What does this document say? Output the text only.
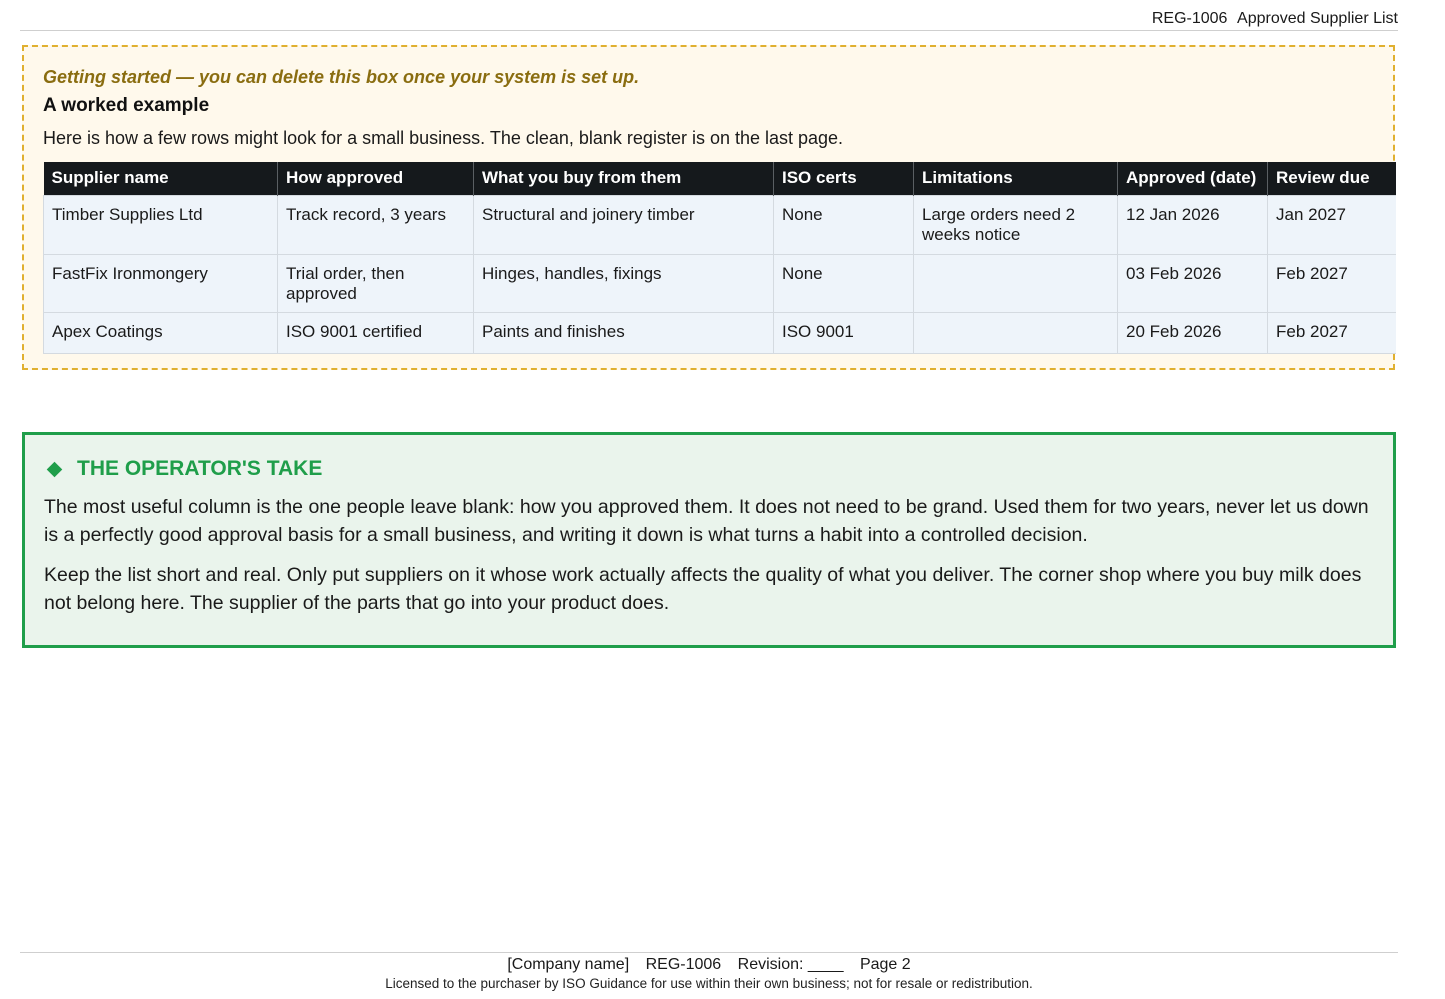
REG-1006 Approved Supplier List
Getting started — you can delete this box once your system is set up.
A worked example
Here is how a few rows might look for a small business. The clean, blank register is on the last page.
Supplier name	How approved	What you buy from them	ISO certs	Limitations	Approved (date)	Review due
Timber Supplies Ltd	Track record, 3 years	Structural and joinery timber	None	Large orders need 2 weeks notice	12 Jan 2026	Jan 2027
FastFix Ironmongery	Trial order, then approved	Hinges, handles, fixings	None		03 Feb 2026	Feb 2027
Apex Coatings	ISO 9001 certified	Paints and finishes	ISO 9001		20 Feb 2026	Feb 2027
THE OPERATOR'S TAKE

The most useful column is the one people leave blank: how you approved them. It does not need to be grand. Used them for two years, never let us down is a perfectly good approval basis for a small business, and writing it down is what turns a habit into a controlled decision.

Keep the list short and real. Only put suppliers on it whose work actually affects the quality of what you deliver. The corner shop where you buy milk does not belong here. The supplier of the parts that go into your product does.

[Company name] REG-1006 Revision: ____ Page 2
Licensed to the purchaser by ISO Guidance for use within their own business; not for resale or redistribution.
